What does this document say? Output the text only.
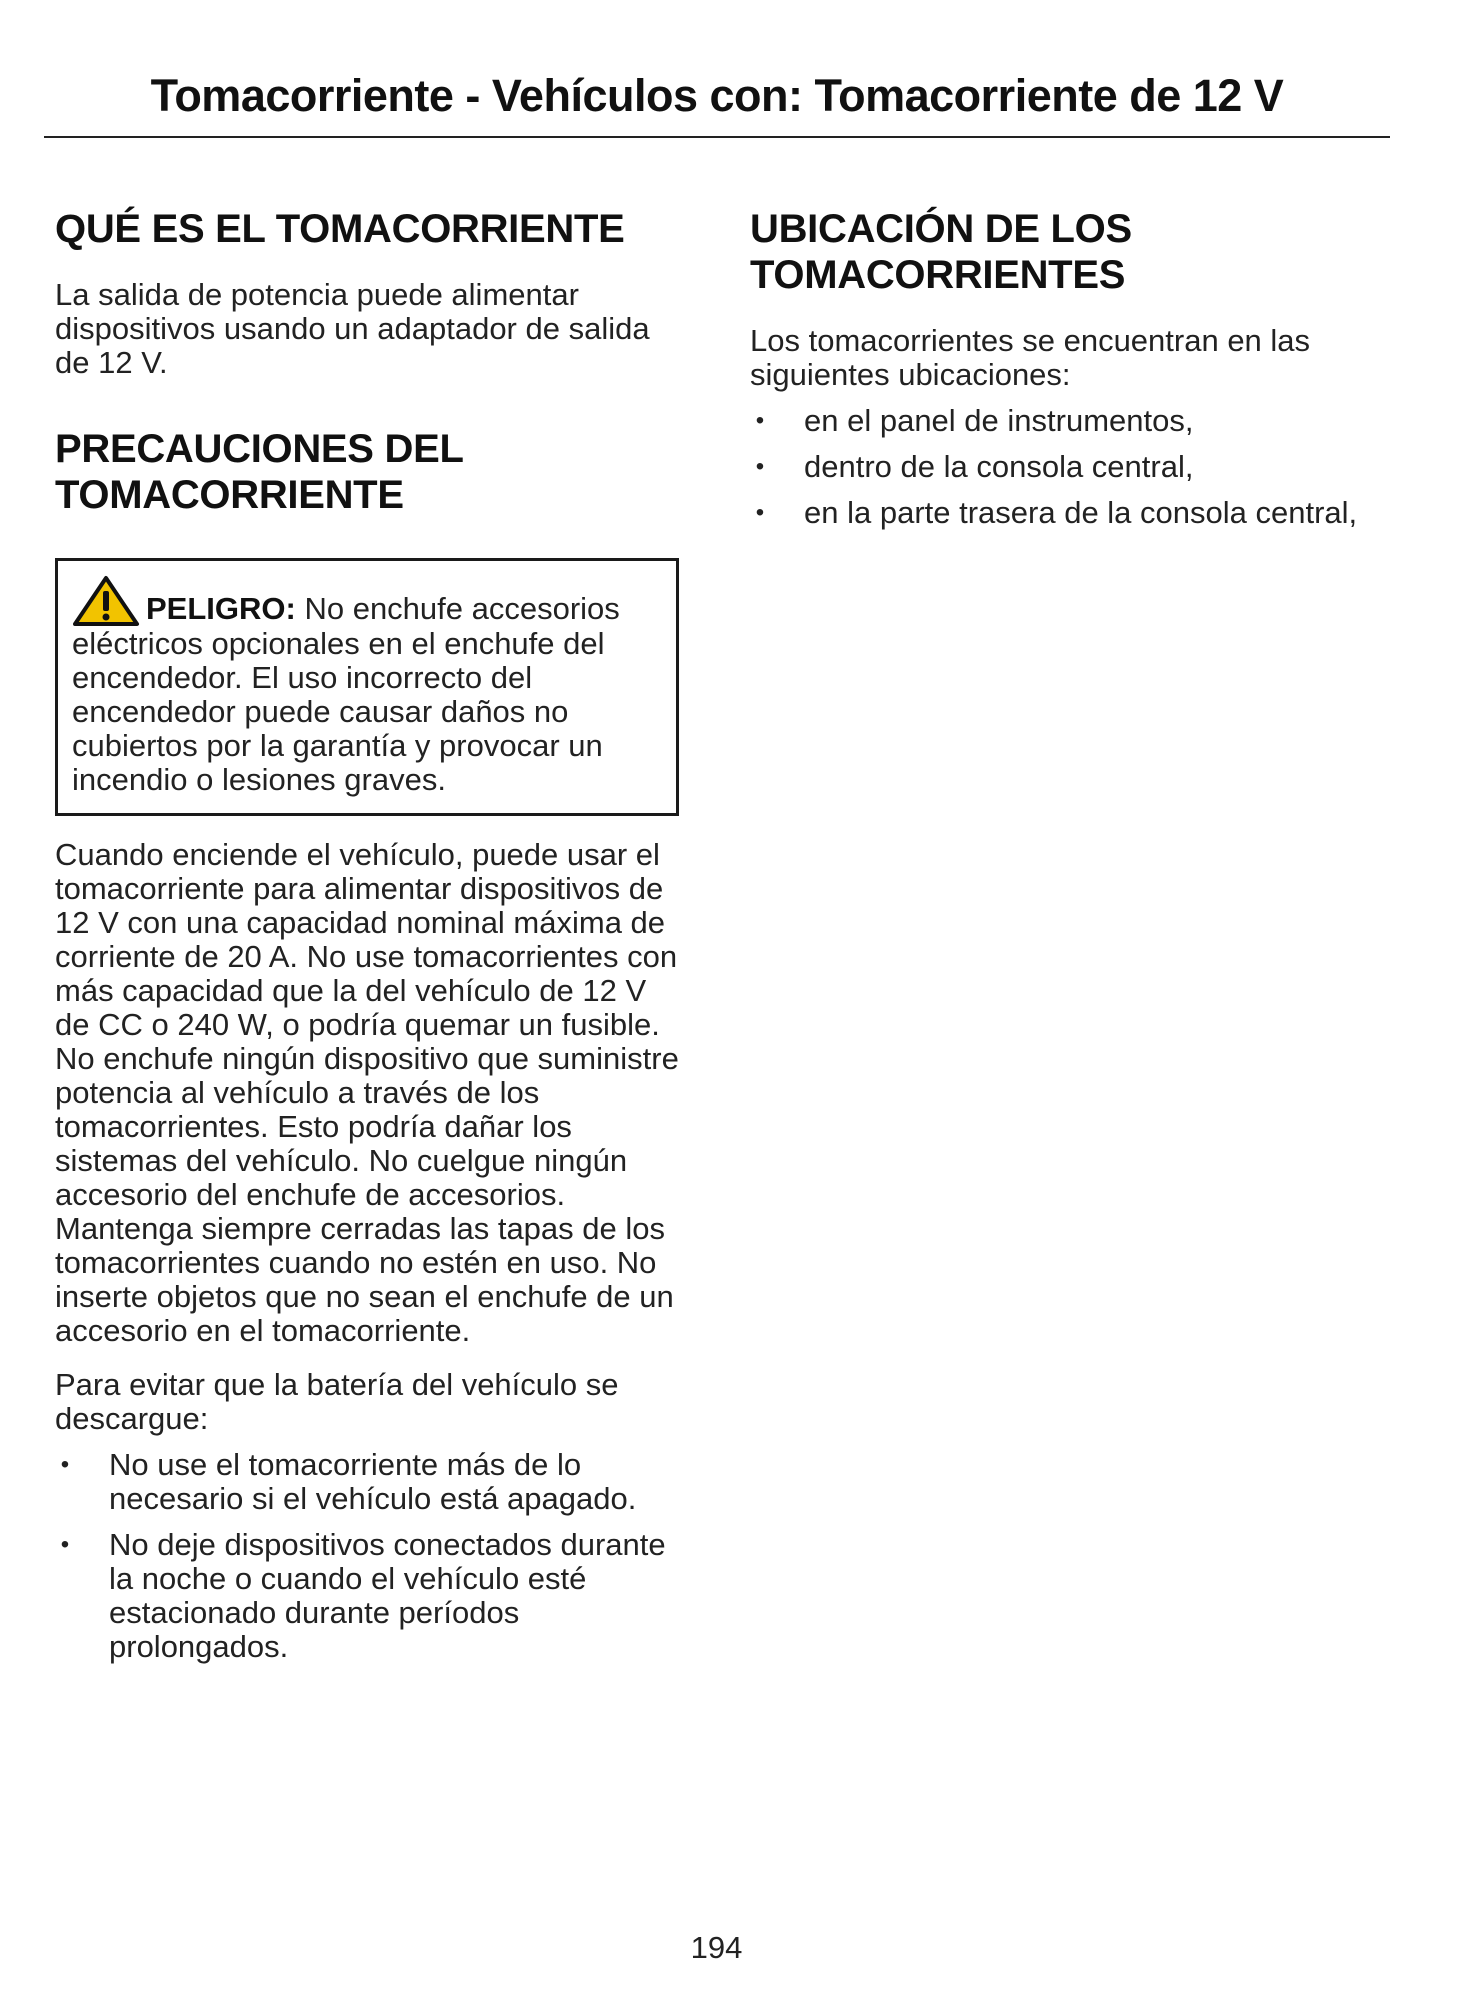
Tomacorriente - Vehículos con: Tomacorriente de 12 V
QUÉ ES EL TOMACORRIENTE

La salida de potencia puede alimentar dispositivos usando un adaptador de salida de 12 V.

PRECAUCIONES DEL TOMACORRIENTE

PELIGRO: No enchufe accesorios eléctricos opcionales en el enchufe del encendedor. El uso incorrecto del encendedor puede causar daños no cubiertos por la garantía y provocar un incendio o lesiones graves.

Cuando enciende el vehículo, puede usar el tomacorriente para alimentar dispositivos de 12 V con una capacidad nominal máxima de corriente de 20 A. No use tomacorrientes con más capacidad que la del vehículo de 12 V de CC o 240 W, o podría quemar un fusible. No enchufe ningún dispositivo que suministre potencia al vehículo a través de los tomacorrientes. Esto podría dañar los sistemas del vehículo. No cuelgue ningún accesorio del enchufe de accesorios. Mantenga siempre cerradas las tapas de los tomacorrientes cuando no estén en uso. No inserte objetos que no sean el enchufe de un accesorio en el tomacorriente.

Para evitar que la batería del vehículo se descargue:

• No use el tomacorriente más de lo necesario si el vehículo está apagado.
• No deje dispositivos conectados durante la noche o cuando el vehículo esté estacionado durante períodos prolongados.
UBICACIÓN DE LOS TOMACORRIENTES

Los tomacorrientes se encuentran en las siguientes ubicaciones:

• en el panel de instrumentos,
• dentro de la consola central,
• en la parte trasera de la consola central,
194
